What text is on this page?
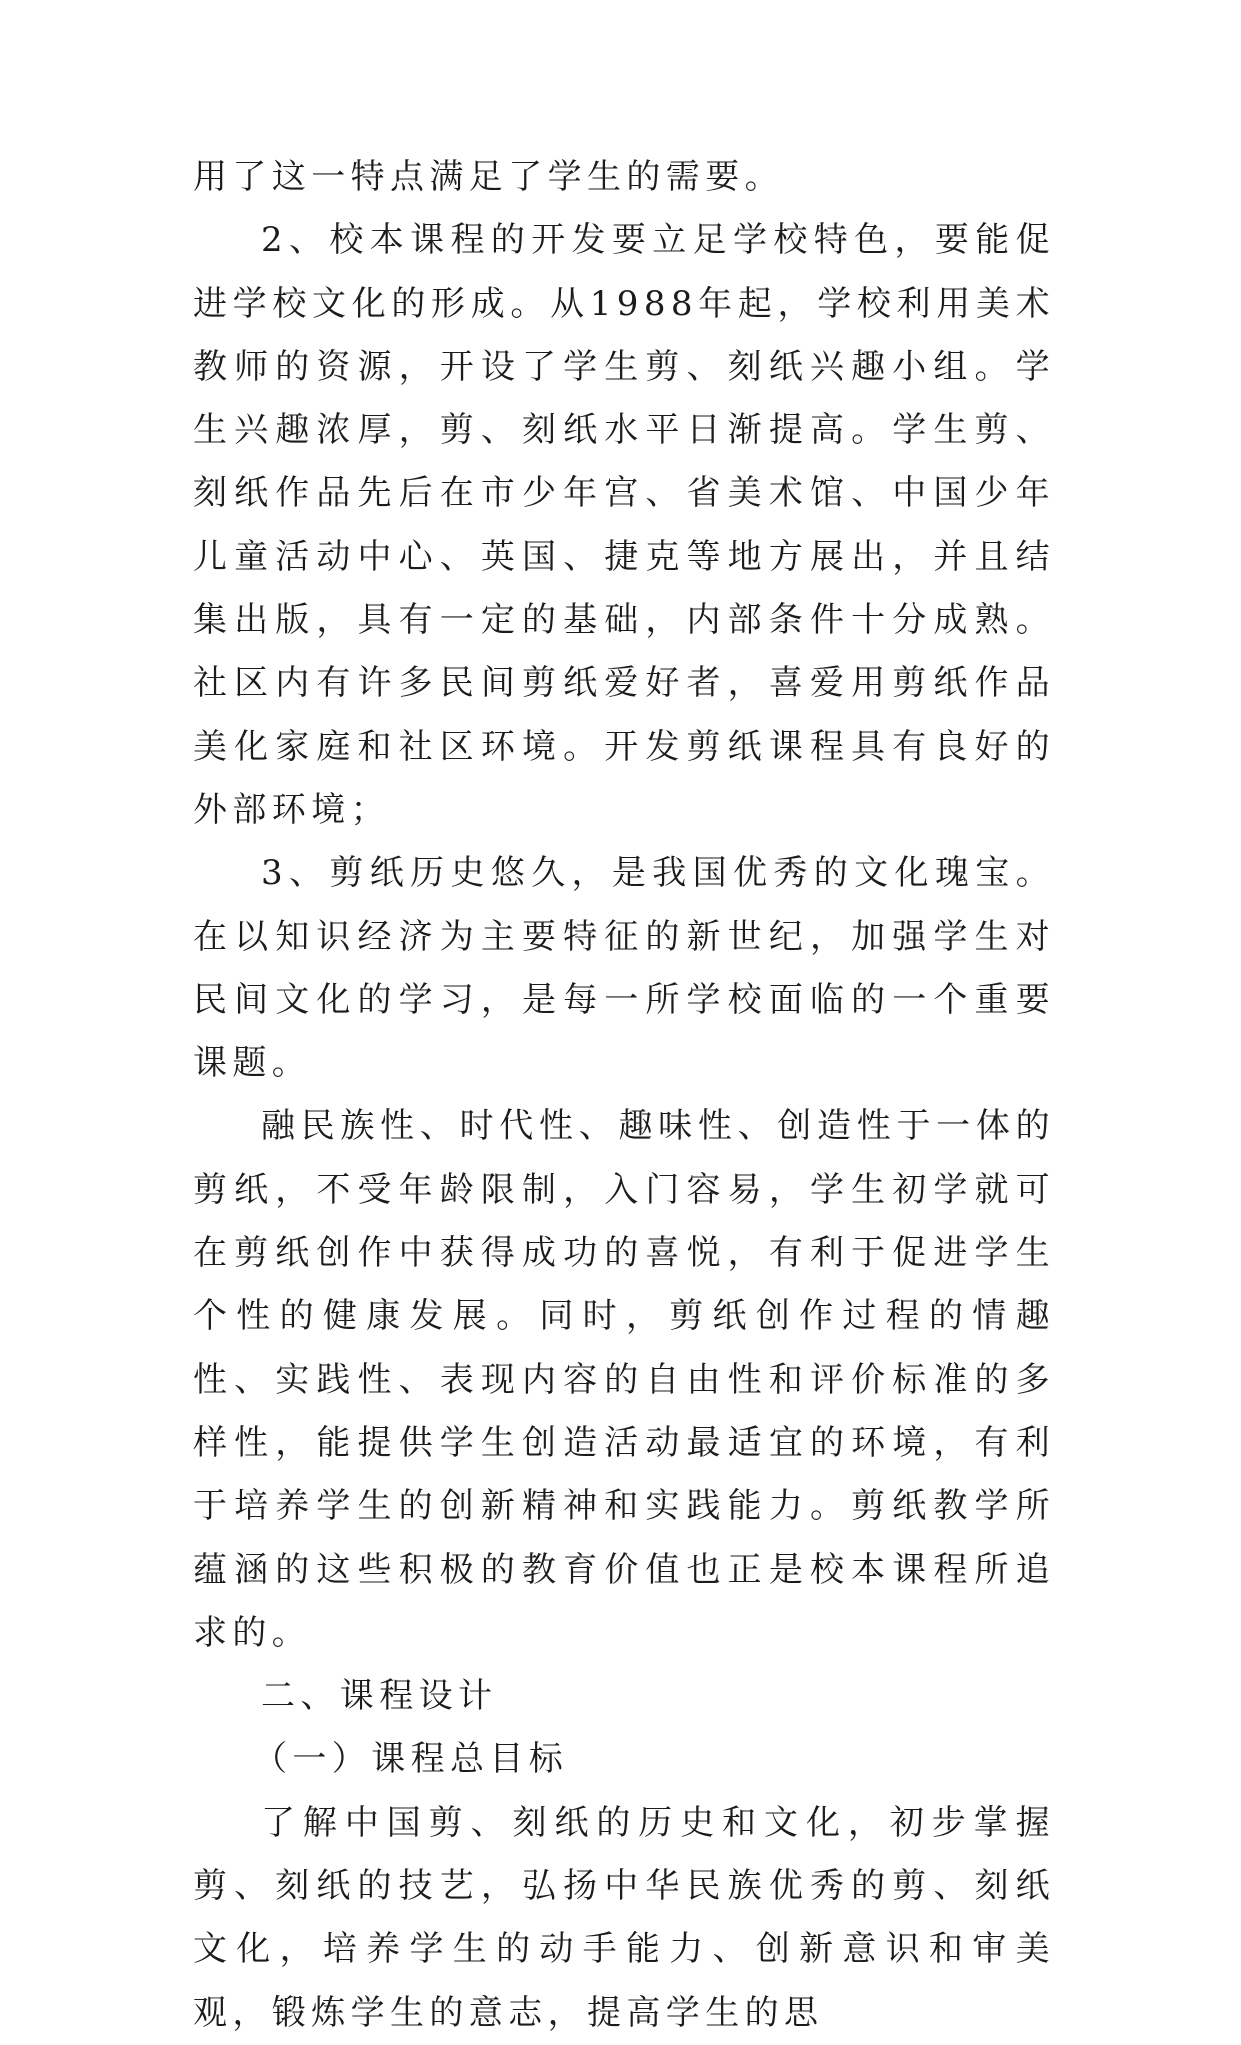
用了这一特点满足了学生的需要。

2、校本课程的开发要立足学校特色，要能促进学校文化的形成。从1988年起，学校利用美术教师的资源，开设了学生剪、刻纸兴趣小组。学生兴趣浓厚，剪、刻纸水平日渐提高。学生剪、刻纸作品先后在市少年宫、省美术馆、中国少年儿童活动中心、英国、捷克等地方展出，并且结集出版，具有一定的基础，内部条件十分成熟。社区内有许多民间剪纸爱好者，喜爱用剪纸作品美化家庭和社区环境。开发剪纸课程具有良好的外部环境；

3、剪纸历史悠久，是我国优秀的文化瑰宝。在以知识经济为主要特征的新世纪，加强学生对民间文化的学习，是每一所学校面临的一个重要课题。

融民族性、时代性、趣味性、创造性于一体的剪纸，不受年龄限制，入门容易，学生初学就可在剪纸创作中获得成功的喜悦，有利于促进学生个性的健康发展。同时，剪纸创作过程的情趣性、实践性、表现内容的自由性和评价标准的多样性，能提供学生创造活动最适宜的环境，有利于培养学生的创新精神和实践能力。剪纸教学所蕴涵的这些积极的教育价值也正是校本课程所追求的。

二、课程设计

（一）课程总目标

了解中国剪、刻纸的历史和文化，初步掌握剪、刻纸的技艺，弘扬中华民族优秀的剪、刻纸文化，培养学生的动手能力、创新意识和审美观，锻炼学生的意志，提高学生的思
